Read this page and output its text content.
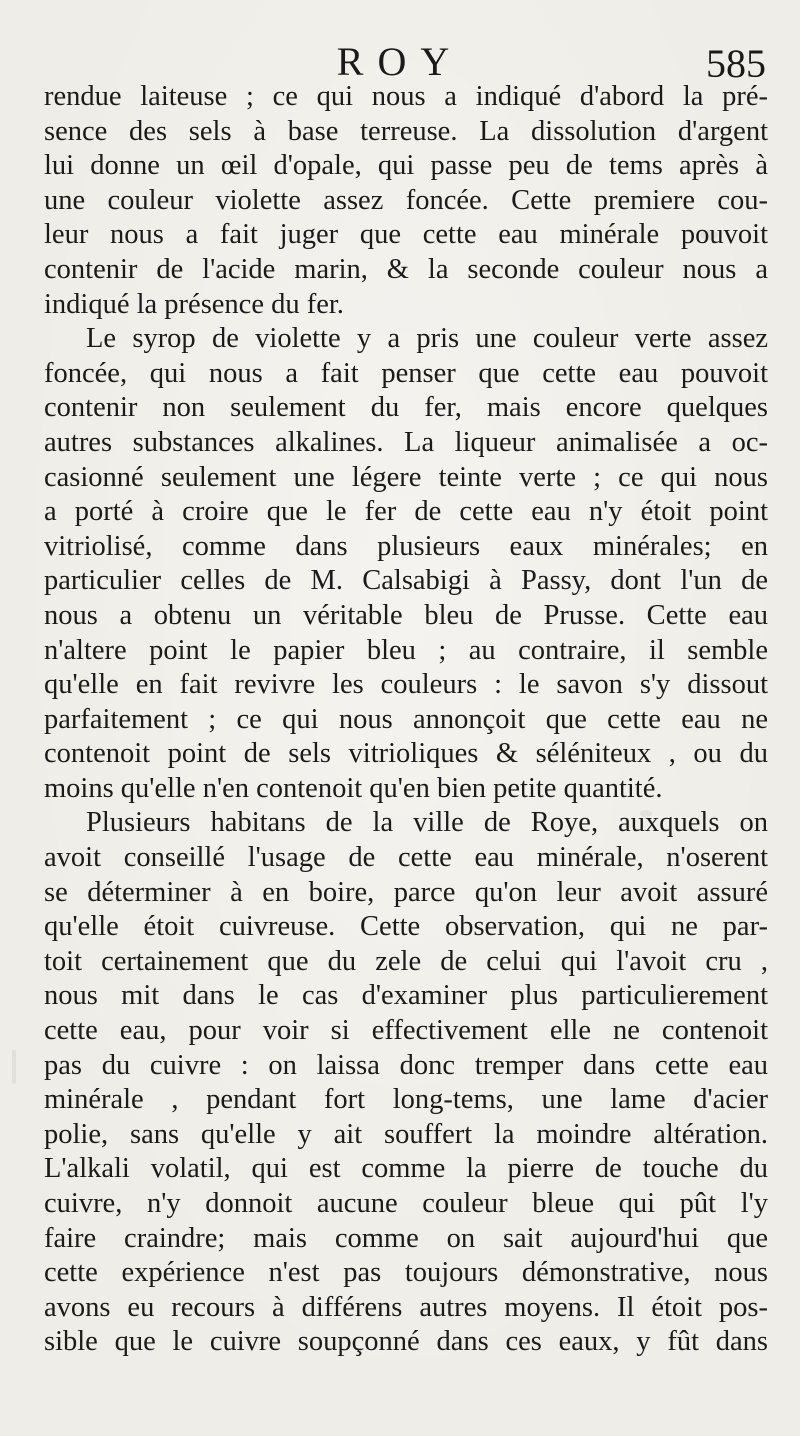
ROY	585
rendue laiteuse ; ce qui nous a indiqué d'abord la pré-
sence des sels à base terreuse. La dissolution d'argent
lui donne un œil d'opale, qui passe peu de tems après à
une couleur violette assez foncée. Cette premiere cou-
leur nous a fait juger que cette eau minérale pouvoit
contenir de l'acide marin, & la seconde couleur nous a
indiqué la présence du fer.
Le syrop de violette y a pris une couleur verte assez
foncée, qui nous a fait penser que cette eau pouvoit
contenir non seulement du fer, mais encore quelques
autres substances alkalines. La liqueur animalisée a oc-
casionné seulement une légere teinte verte ; ce qui nous
a porté à croire que le fer de cette eau n'y étoit point
vitriolisé, comme dans plusieurs eaux minérales; en
particulier celles de M. Calsabigi à Passy, dont l'un de
nous a obtenu un véritable bleu de Prusse. Cette eau
n'altere point le papier bleu ; au contraire, il semble
qu'elle en fait revivre les couleurs : le savon s'y dissout
parfaitement ; ce qui nous annonçoit que cette eau ne
contenoit point de sels vitrioliques & séléniteux , ou du
moins qu'elle n'en contenoit qu'en bien petite quantité.
Plusieurs habitans de la ville de Roye, auxquels on
avoit conseillé l'usage de cette eau minérale, n'oserent
se déterminer à en boire, parce qu'on leur avoit assuré
qu'elle étoit cuivreuse. Cette observation, qui ne par-
toit certainement que du zele de celui qui l'avoit cru ,
nous mit dans le cas d'examiner plus particulierement
cette eau, pour voir si effectivement elle ne contenoit
pas du cuivre : on laissa donc tremper dans cette eau
minérale , pendant fort long-tems, une lame d'acier
polie, sans qu'elle y ait souffert la moindre altération.
L'alkali volatil, qui est comme la pierre de touche du
cuivre, n'y donnoit aucune couleur bleue qui pût l'y
faire craindre; mais comme on sait aujourd'hui que
cette expérience n'est pas toujours démonstrative, nous
avons eu recours à différens autres moyens. Il étoit pos-
sible que le cuivre soupçonné dans ces eaux, y fût dans
